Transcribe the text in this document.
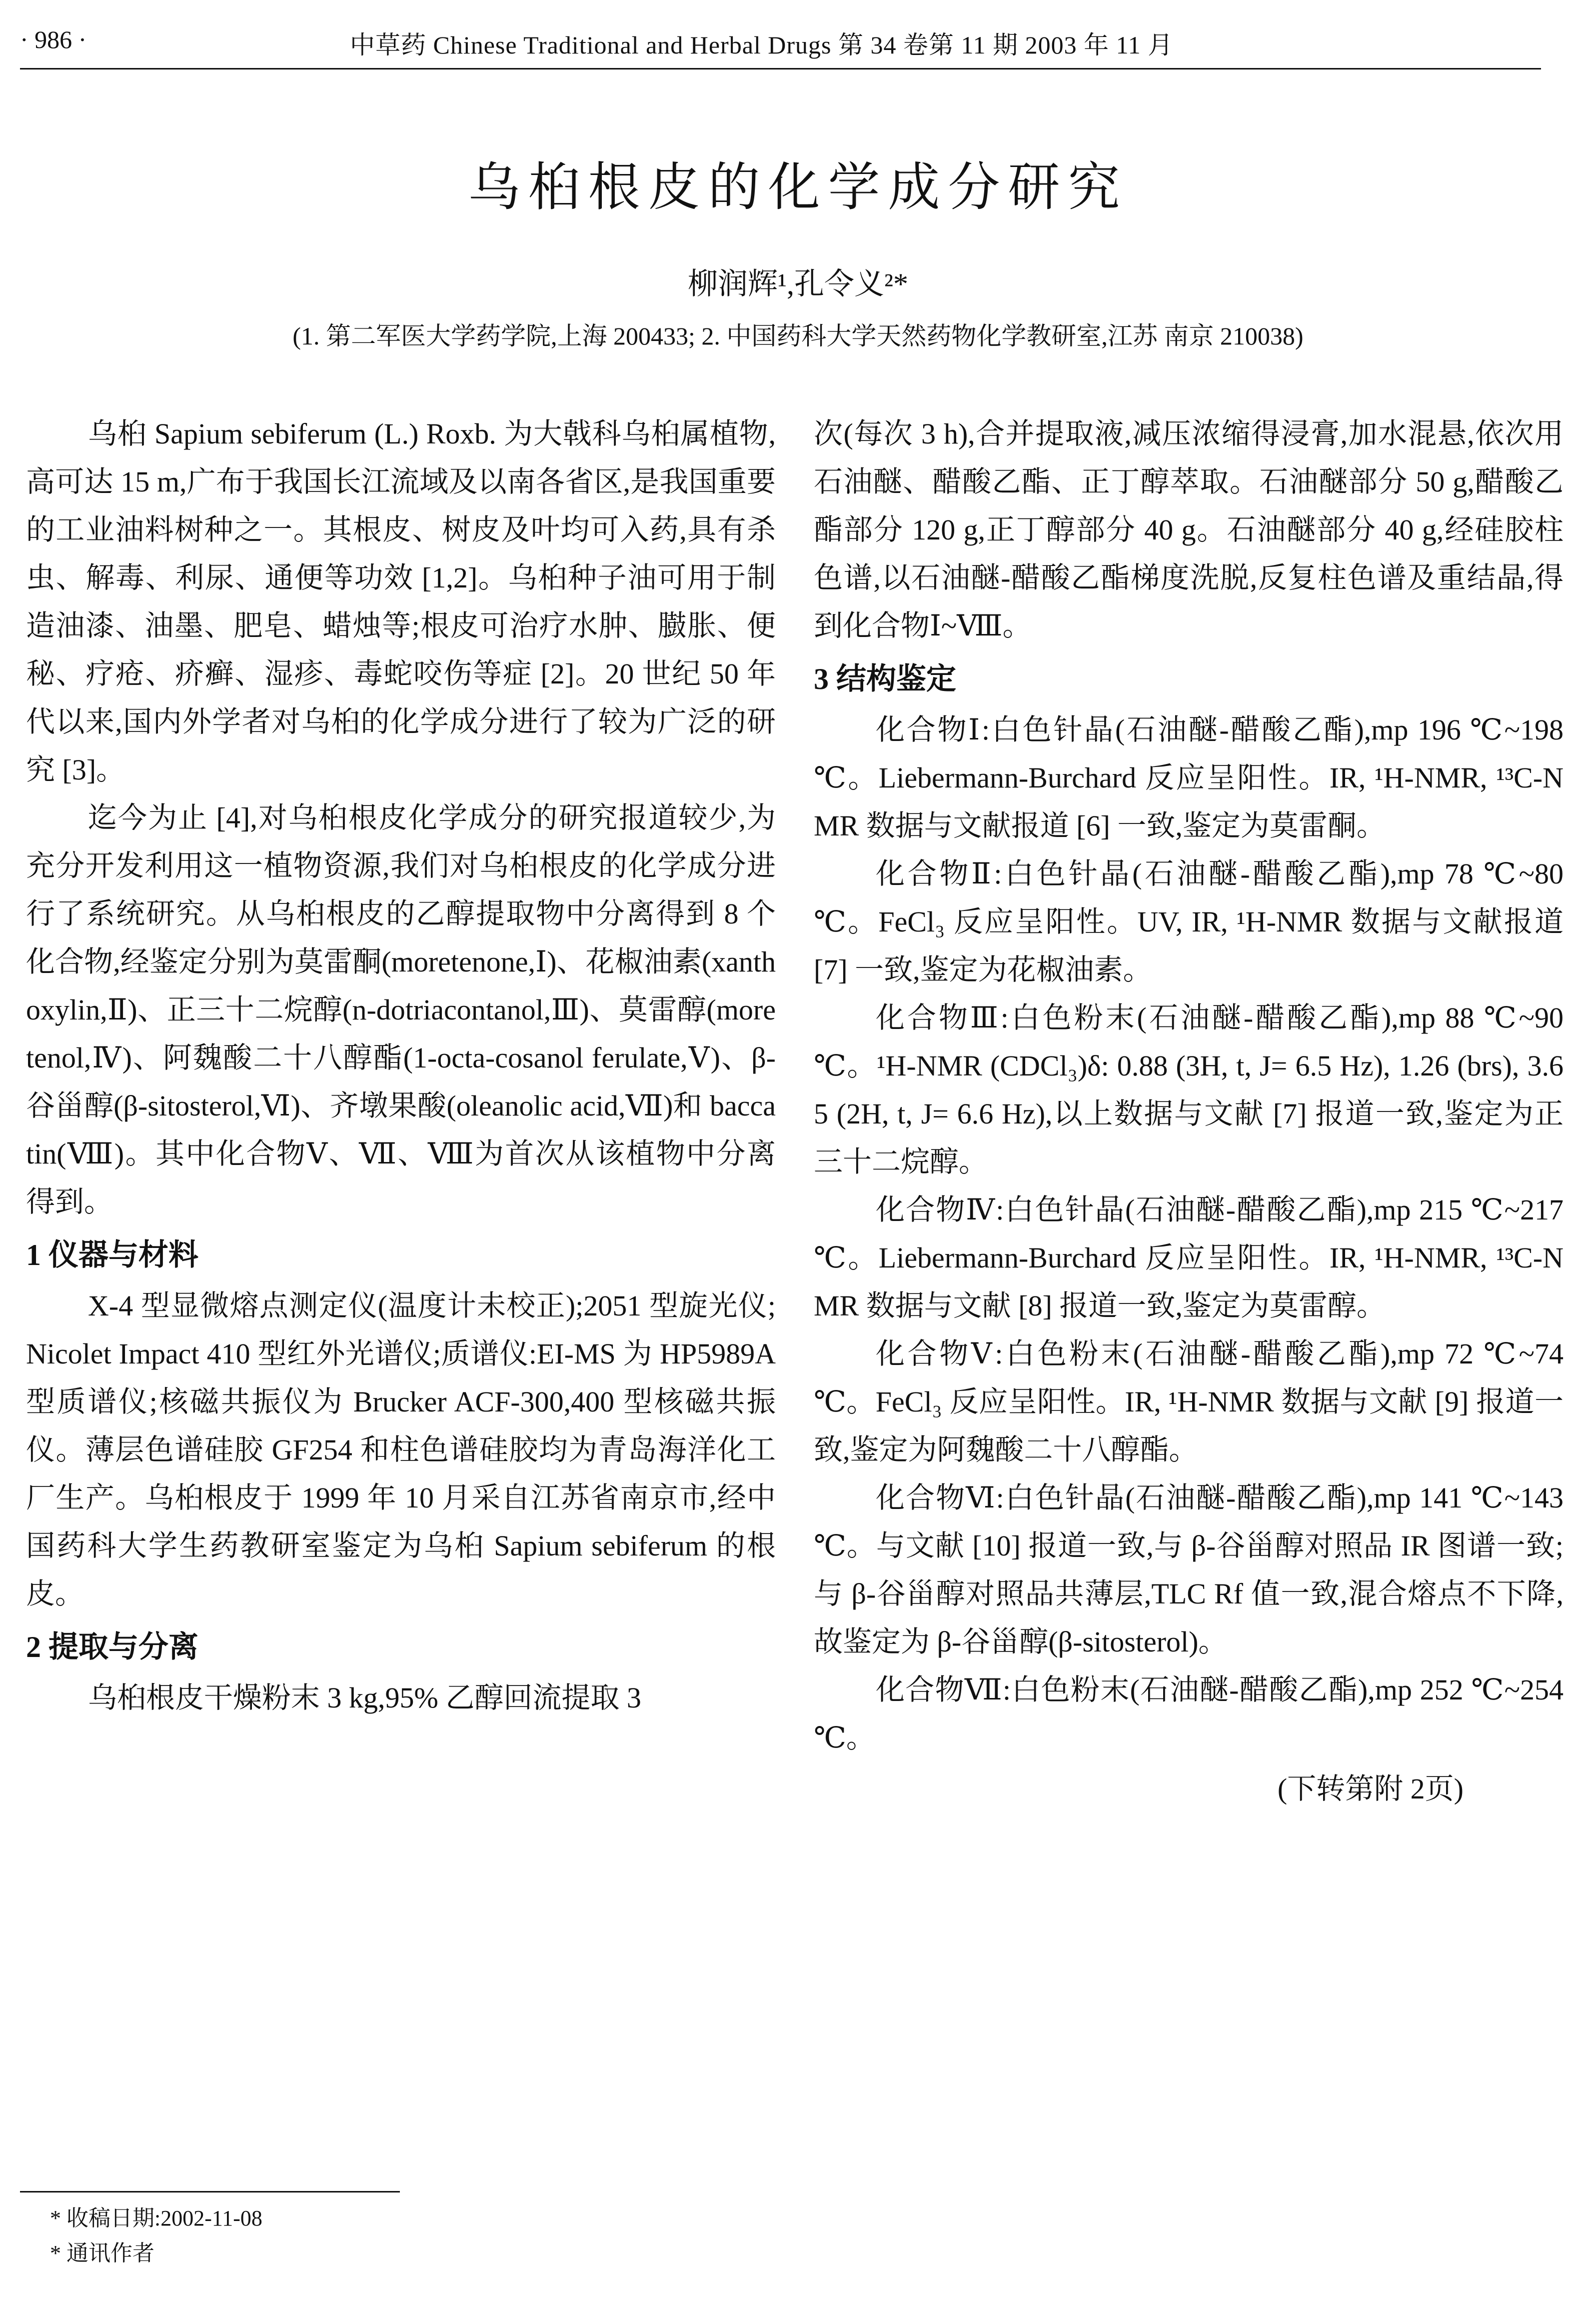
· 986 ·	中草药 Chinese Traditional and Herbal Drugs 第 34 卷第 11 期 2003 年 11 月
乌桕根皮的化学成分研究
柳润辉¹,孔令义²*
(1. 第二军医大学药学院,上海 200433; 2. 中国药科大学天然药物化学教研室,江苏 南京 210038)

乌桕 Sapium sebiferum (L.) Roxb. 为大戟科乌桕属植物,高可达 15 m,广布于我国长江流域及以南各省区,是我国重要的工业油料树种之一。其根皮、树皮及叶均可入药,具有杀虫、解毒、利尿、通便等功效 [1,2]。乌桕种子油可用于制造油漆、油墨、肥皂、蜡烛等;根皮可治疗水肿、臌胀、便秘、疗疮、疥癣、湿疹、毒蛇咬伤等症 [2]。20 世纪 50 年代以来,国内外学者对乌桕的化学成分进行了较为广泛的研究 [3]。

迄今为止 [4],对乌桕根皮化学成分的研究报道较少,为充分开发利用这一植物资源,我们对乌桕根皮的化学成分进行了系统研究。从乌桕根皮的乙醇提取物中分离得到 8 个化合物,经鉴定分别为莫雷酮(moretenone,Ⅰ)、花椒油素(xanthoxylin,Ⅱ)、正三十二烷醇(n-dotriacontanol,Ⅲ)、莫雷醇(moretenol,Ⅳ)、阿魏酸二十八醇酯(1-octa-cosanol ferulate,Ⅴ)、β-谷甾醇(β-sitosterol,Ⅵ)、齐墩果酸(oleanolic acid,Ⅶ)和 baccatin(Ⅷ)。其中化合物Ⅴ、Ⅶ、Ⅷ为首次从该植物中分离得到。

1 仪器与材料

X-4 型显微熔点测定仪(温度计未校正);2051 型旋光仪;Nicolet Impact 410 型红外光谱仪;质谱仪:EI-MS 为 HP5989A 型质谱仪;核磁共振仪为 Brucker ACF-300,400 型核磁共振仪。薄层色谱硅胶 GF254 和柱色谱硅胶均为青岛海洋化工厂生产。乌桕根皮于 1999 年 10 月采自江苏省南京市,经中国药科大学生药教研室鉴定为乌桕 Sapium sebiferum 的根皮。

2 提取与分离

乌桕根皮干燥粉末 3 kg,95% 乙醇回流提取 3

次(每次 3 h),合并提取液,减压浓缩得浸膏,加水混悬,依次用石油醚、醋酸乙酯、正丁醇萃取。石油醚部分 50 g,醋酸乙酯部分 120 g,正丁醇部分 40 g。石油醚部分 40 g,经硅胶柱色谱,以石油醚-醋酸乙酯梯度洗脱,反复柱色谱及重结晶,得到化合物Ⅰ~Ⅷ。

3 结构鉴定

化合物Ⅰ:白色针晶(石油醚-醋酸乙酯),mp 196 ℃~198 ℃。Liebermann-Burchard 反应呈阳性。IR, ¹H-NMR, ¹³C-NMR 数据与文献报道 [6] 一致,鉴定为莫雷酮。

化合物Ⅱ:白色针晶(石油醚-醋酸乙酯),mp 78 ℃~80 ℃。FeCl₃ 反应呈阳性。UV, IR, ¹H-NMR 数据与文献报道 [7] 一致,鉴定为花椒油素。

化合物Ⅲ:白色粉末(石油醚-醋酸乙酯),mp 88 ℃~90 ℃。¹H-NMR (CDCl₃)δ: 0.88 (3H, t, J= 6.5 Hz), 1.26 (brs), 3.65 (2H, t, J= 6.6 Hz),以上数据与文献 [7] 报道一致,鉴定为正三十二烷醇。

化合物Ⅳ:白色针晶(石油醚-醋酸乙酯),mp 215 ℃~217 ℃。Liebermann-Burchard 反应呈阳性。IR, ¹H-NMR, ¹³C-NMR 数据与文献 [8] 报道一致,鉴定为莫雷醇。

化合物Ⅴ:白色粉末(石油醚-醋酸乙酯),mp 72 ℃~74 ℃。FeCl₃ 反应呈阳性。IR, ¹H-NMR 数据与文献 [9] 报道一致,鉴定为阿魏酸二十八醇酯。

化合物Ⅵ:白色针晶(石油醚-醋酸乙酯),mp 141 ℃~143 ℃。与文献 [10] 报道一致,与 β-谷甾醇对照品 IR 图谱一致;与 β-谷甾醇对照品共薄层,TLC Rf 值一致,混合熔点不下降,故鉴定为 β-谷甾醇(β-sitosterol)。

化合物Ⅶ:白色粉末(石油醚-醋酸乙酯),mp 252 ℃~254 ℃。

(下转第附 2页)

* 收稿日期:2002-11-08
* 通讯作者
